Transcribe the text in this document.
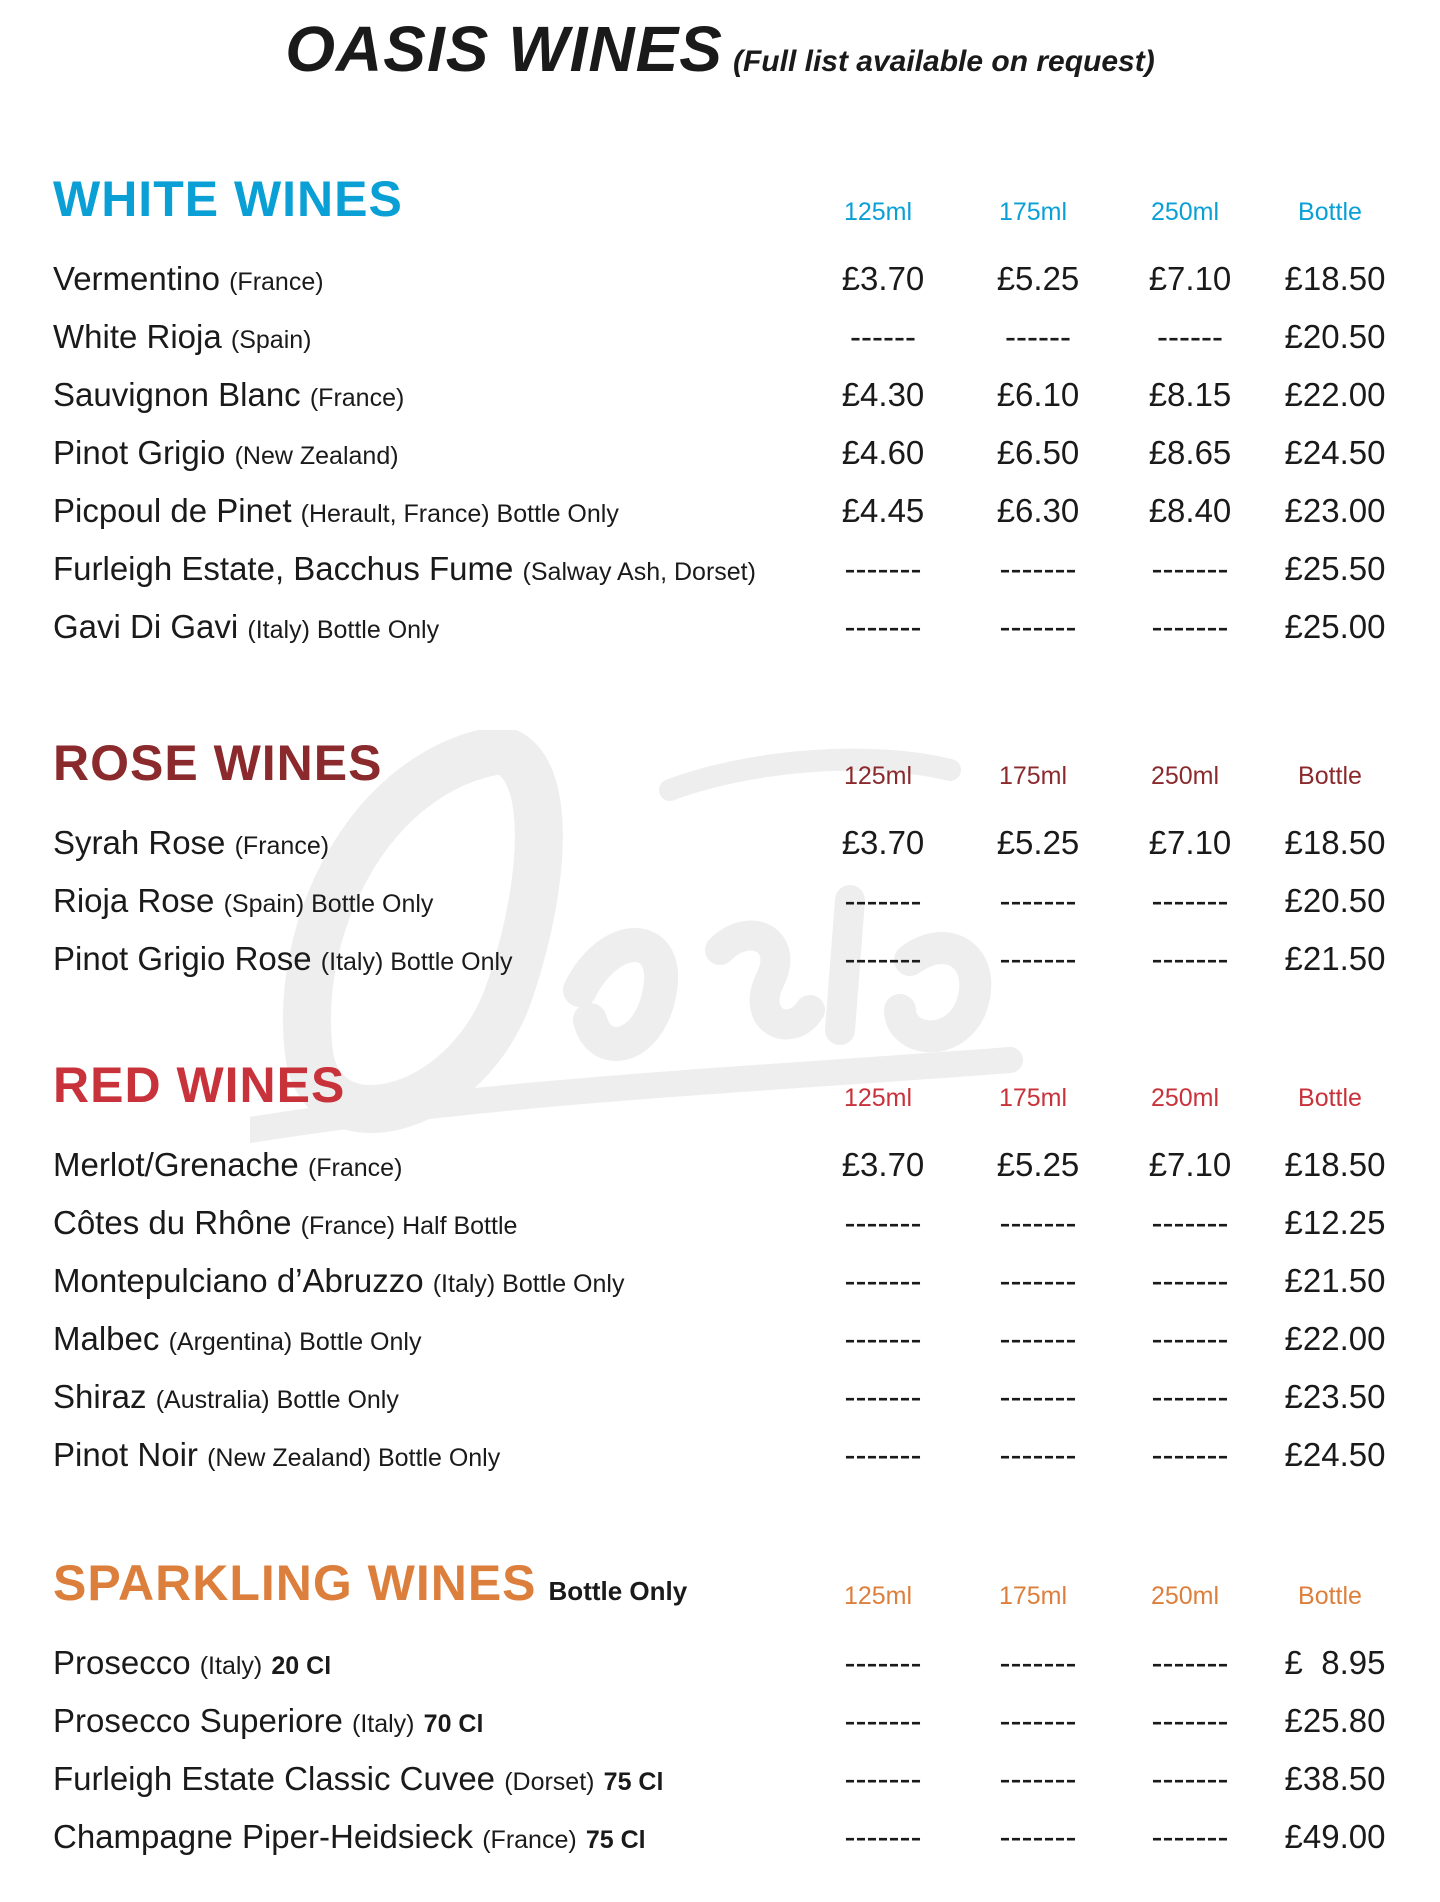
OASIS WINES (Full list available on request)
WHITE WINES	125ml	175ml	250ml	Bottle
Vermentino (France)	£3.70	£5.25	£7.10	£18.50
White Rioja (Spain)	------	------	------	£20.50
Sauvignon Blanc (France)	£4.30	£6.10	£8.15	£22.00
Pinot Grigio (New Zealand)	£4.60	£6.50	£8.65	£24.50
Picpoul de Pinet (Herault, France) Bottle Only	£4.45	£6.30	£8.40	£23.00
Furleigh Estate, Bacchus Fume (Salway Ash, Dorset)	-------	-------	-------	£25.50
Gavi Di Gavi (Italy) Bottle Only	-------	-------	-------	£25.00
ROSE WINES	125ml	175ml	250ml	Bottle
Syrah Rose (France)	£3.70	£5.25	£7.10	£18.50
Rioja Rose (Spain) Bottle Only	-------	-------	-------	£20.50
Pinot Grigio Rose (Italy) Bottle Only	-------	-------	-------	£21.50
RED WINES	125ml	175ml	250ml	Bottle
Merlot/Grenache (France)	£3.70	£5.25	£7.10	£18.50
Côtes du Rhône (France) Half Bottle	-------	-------	-------	£12.25
Montepulciano d’Abruzzo (Italy) Bottle Only	-------	-------	-------	£21.50
Malbec (Argentina) Bottle Only	-------	-------	-------	£22.00
Shiraz (Australia) Bottle Only	-------	-------	-------	£23.50
Pinot Noir (New Zealand) Bottle Only	-------	-------	-------	£24.50
SPARKLING WINES Bottle Only	125ml	175ml	250ml	Bottle
Prosecco (Italy) 20 Cl	-------	-------	-------	£  8.95
Prosecco Superiore (Italy) 70 Cl	-------	-------	-------	£25.80
Furleigh Estate Classic Cuvee (Dorset) 75 Cl	-------	-------	-------	£38.50
Champagne Piper-Heidsieck (France) 75 Cl	-------	-------	-------	£49.00
